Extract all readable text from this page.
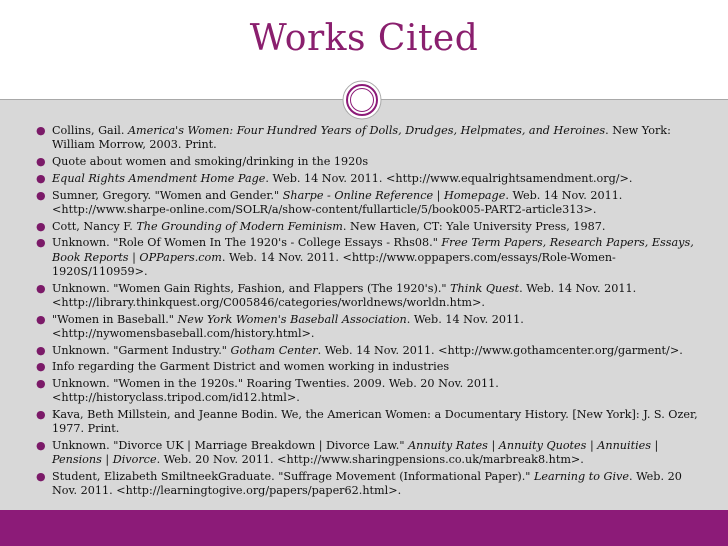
Works Cited
● Collins, Gail. America's Women: Four Hundred Years of Dolls, Drudges, Helpmates, and Heroines. New York: William Morrow, 2003. Print.
● Quote about women and smoking/drinking in the 1920s
● Equal Rights Amendment Home Page. Web. 14 Nov. 2011. <http://www.equalrightsamendment.org/>.
● Sumner, Gregory. "Women and Gender." Sharpe - Online Reference | Homepage. Web. 14 Nov. 2011. <http://www.sharpe-online.com/SOLR/a/show-content/fullarticle/5/book005-PART2-article313>.
● Cott, Nancy F. The Grounding of Modern Feminism. New Haven, CT: Yale University Press, 1987.
● Unknown. "Role Of Women In The 1920's - College Essays - Rhs08." Free Term Papers, Research Papers, Essays, Book Reports | OPPapers.com. Web. 14 Nov. 2011. <http://www.oppapers.com/essays/Role-Women-1920S/110959>.
● Unknown. "Women Gain Rights, Fashion, and Flappers (The 1920's)." Think Quest. Web. 14 Nov. 2011. <http://library.thinkquest.org/C005846/categories/worldnews/worldn.htm>.
● "Women in Baseball." New York Women's Baseball Association. Web. 14 Nov. 2011. <http://nywomensbaseball.com/history.html>.
● Unknown. "Garment Industry." Gotham Center. Web. 14 Nov. 2011. <http://www.gothamcenter.org/garment/>.
● Info regarding the Garment District and women working in industries
● Unknown. "Women in the 1920s." Roaring Twenties. 2009. Web. 20 Nov. 2011. <http://historyclass.tripod.com/id12.html>.
● Kava, Beth Millstein, and Jeanne Bodin. We, the American Women: a Documentary History. [New York]: J. S. Ozer, 1977. Print.
● Unknown. "Divorce UK | Marriage Breakdown | Divorce Law." Annuity Rates | Annuity Quotes | Annuities | Pensions | Divorce. Web. 20 Nov. 2011. <http://www.sharingpensions.co.uk/marbreak8.htm>.
● Student, Elizabeth SmiltneekGraduate. "Suffrage Movement (Informational Paper)." Learning to Give. Web. 20 Nov. 2011. <http://learningtogive.org/papers/paper62.html>.
